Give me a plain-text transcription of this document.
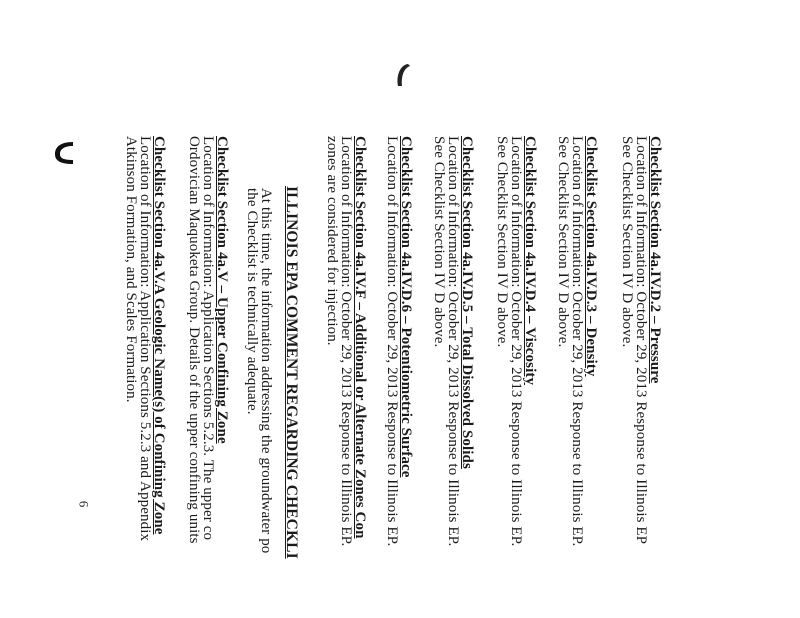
Checklist Section 4a.IV.D.2 – Pressure
Location of Information: October 29, 2013 Response to Illinois EP
See Checklist Section IV D above.
Checklist Section 4a.IV.D.3 – Density
Location of Information: October 29, 2013 Response to Illinois EP.
See Checklist Section IV D above.
Checklist Section 4a.IV.D.4 – Viscosity
Location of Information: October 29, 2013 Response to Illinois EP.
See Checklist Section IV D above.
Checklist Section 4a.IV.D.5 – Total Dissolved Solids
Location of Information: October 29, 2013 Response to Illinois EP.
See Checklist Section IV D above.
Checklist Section 4a.IV.D.6 – Potentiometric Surface
Location of Information: October 29, 2013 Response to Illinois EP.
Checklist Section 4a.IV.F – Additional or Alternate Zones Con
Location of Information: October 29, 2013 Response to Illinois EP.
zones are considered for injection.
ILLINOIS EPA COMMENT REGARDING CHECKLI
At this time, the information addressing the groundwater po
the Checklist is technically adequate.
Checklist Section 4a.V – Upper Confining Zone
Location of Information: Application Sections 5.2.3. The upper co
Ordovician Maquoketa Group. Details of the upper confining units
Checklist Section 4a.V.A Geologic Name(s) of Confining Zone
Location of Information: Application Sections 5.2.3 and Appendix
Atkinson Formation, and Scales Formation.
6
